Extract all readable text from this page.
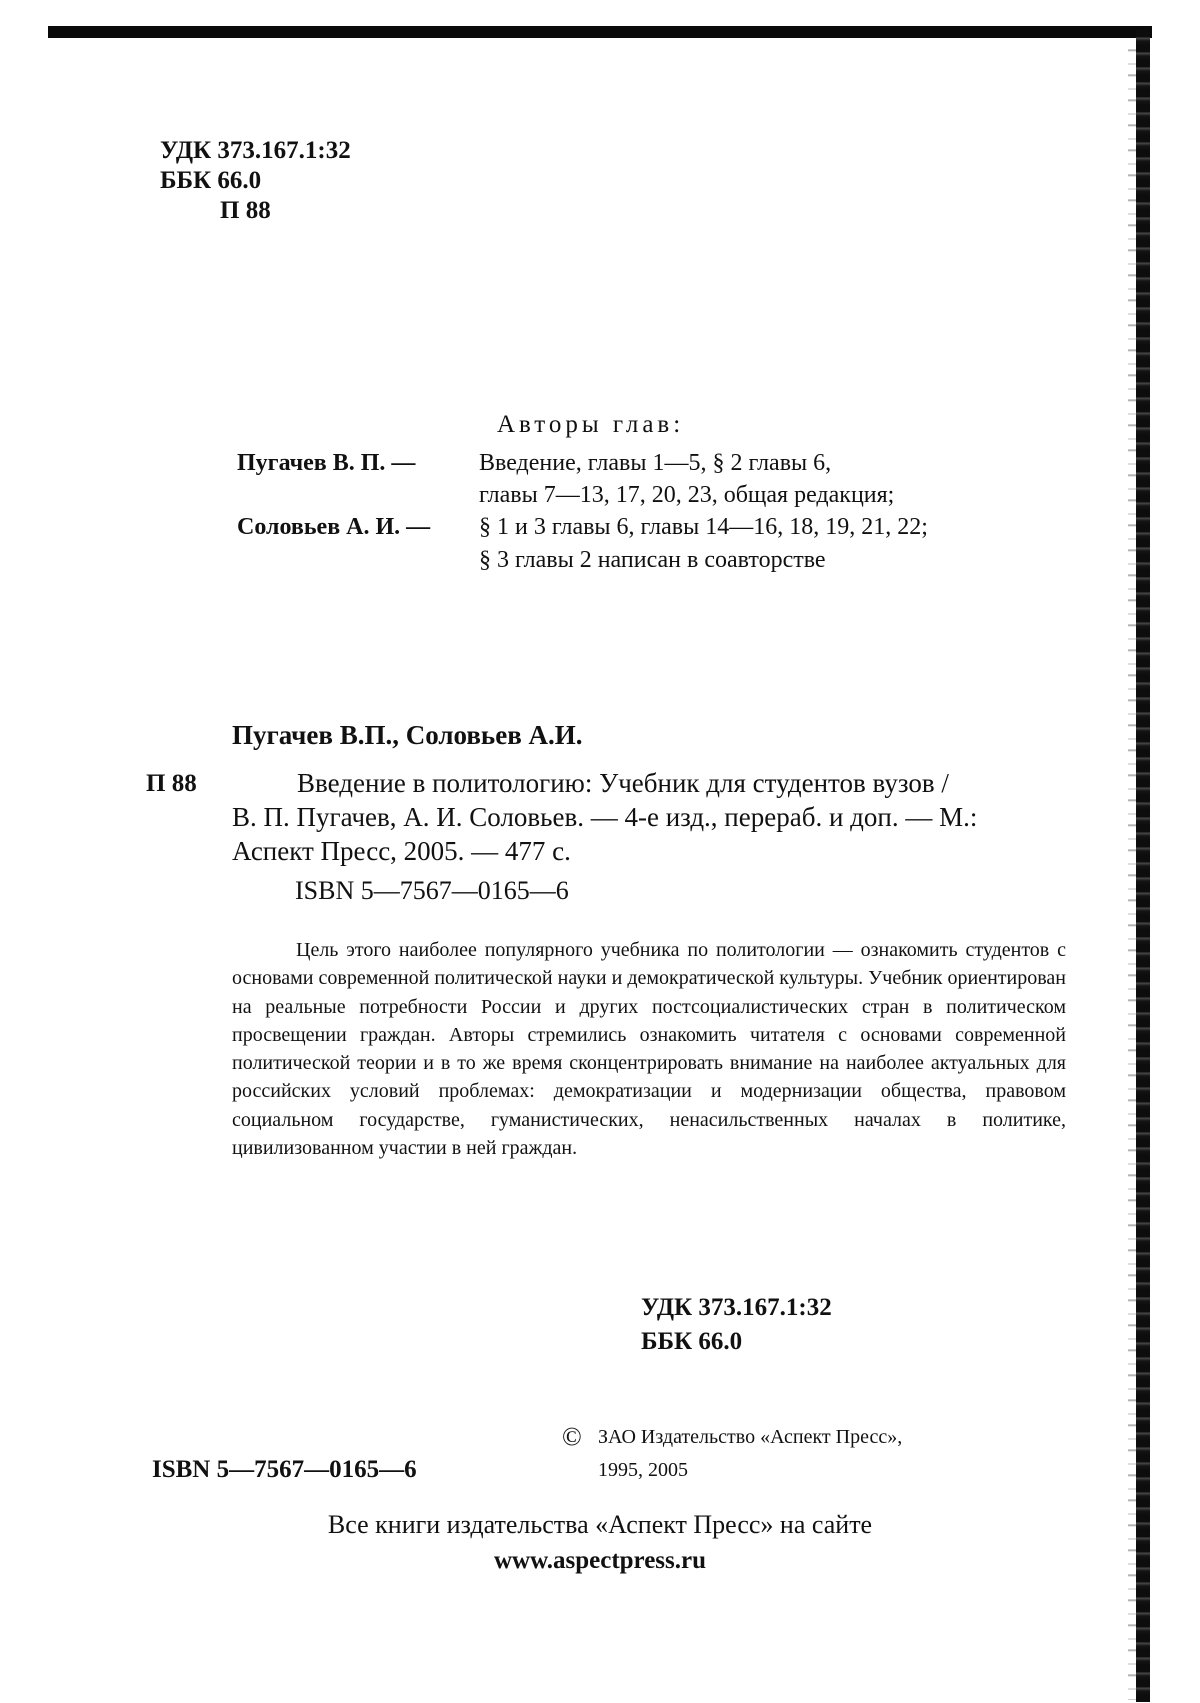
УДК 373.167.1:32
ББК 66.0
П 88
Авторы глав:
Пугачев В. П. —	Введение, главы 1—5, § 2 главы 6,
главы 7—13, 17, 20, 23, общая редакция;
Соловьев А. И. — § 1 и 3 главы 6, главы 14—16, 18, 19, 21, 22;
§ 3 главы 2 написан в соавторстве
Пугачев В.П., Соловьев А.И.
П 88	Введение в политологию: Учебник для студентов вузов /
В. П. Пугачев, А. И. Соловьев. — 4-е изд., перераб. и доп. — М.:
Аспект Пресс, 2005. — 477 с.
ISBN 5—7567—0165—6

Цель этого наиболее популярного учебника по политологии — ознакомить студентов с основами современной политической науки и демократической культуры. Учебник ориентирован на реальные потребности России и других постсоциалистических стран в политическом просвещении граждан. Авторы стремились ознакомить читателя с основами современной политической теории и в то же время сконцентрировать внимание на наиболее актуальных для российских условий проблемах: демократизации и модернизации общества, правовом социальном государстве, гуманистических, ненасильственных началах в политике, цивилизованном участии в ней граждан.

УДК 373.167.1:32
ББК 66.0
ISBN 5—7567—0165—6
© ЗАО Издательство «Аспект Пресс»,
1995, 2005
Все книги издательства «Аспект Пресс» на сайте
www.aspectpress.ru
